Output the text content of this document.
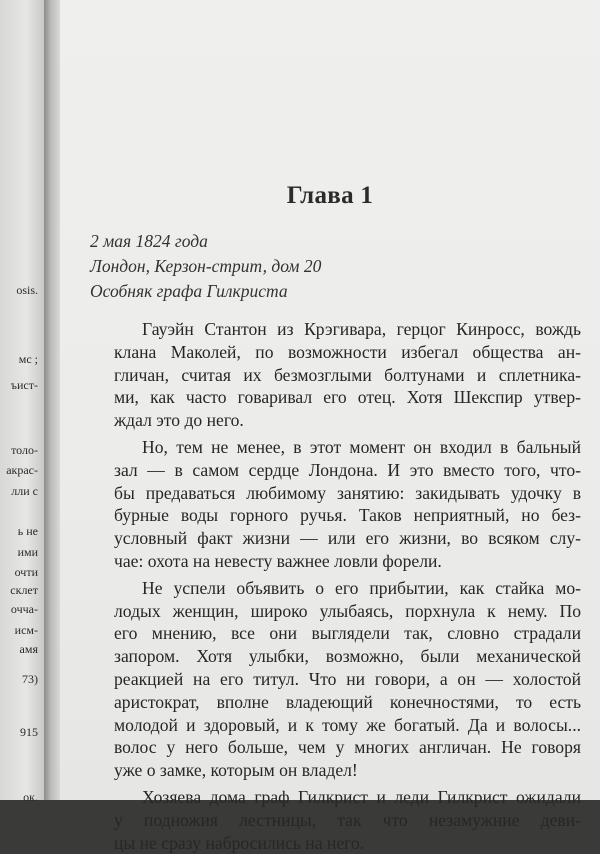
osis.
мс ;
ъист-
толо-
акрас-
лли с
ь не
ими
очти
склет
очча-
исм-
амя
73)
915
ок.
Глава 1
2 мая 1824 года
Лондон, Керзон-стрит, дом 20
Особняк графа Гилкриста
Гауэйн Стантон из Крэгивара, герцог Кинросс, вождь
клана Маколей, по возможности избегал общества ан-
гличан, считая их безмозглыми болтунами и сплетника-
ми, как часто говаривал его отец. Хотя Шекспир утвер-
ждал это до него.
Но, тем не менее, в этот момент он входил в бальный
зал — в самом сердце Лондона. И это вместо того, что-
бы предаваться любимому занятию: закидывать удочку в
бурные воды горного ручья. Таков неприятный, но без-
условный факт жизни — или его жизни, во всяком слу-
чае: охота на невесту важнее ловли форели.
Не успели объявить о его прибытии, как стайка мо-
лодых женщин, широко улыбаясь, порхнула к нему. По
его мнению, все они выглядели так, словно страдали
запором. Хотя улыбки, возможно, были механической
реакцией на его титул. Что ни говори, а он — холостой
аристократ, вполне владеющий конечностями, то есть
молодой и здоровый, и к тому же богатый. Да и волосы...
волос у него больше, чем у многих англичан. Не говоря
уже о замке, которым он владел!
Хозяева дома граф Гилкрист и леди Гилкрист ожидали
у подножия лестницы, так что незамужние деви-
цы не сразу набросились на него.
